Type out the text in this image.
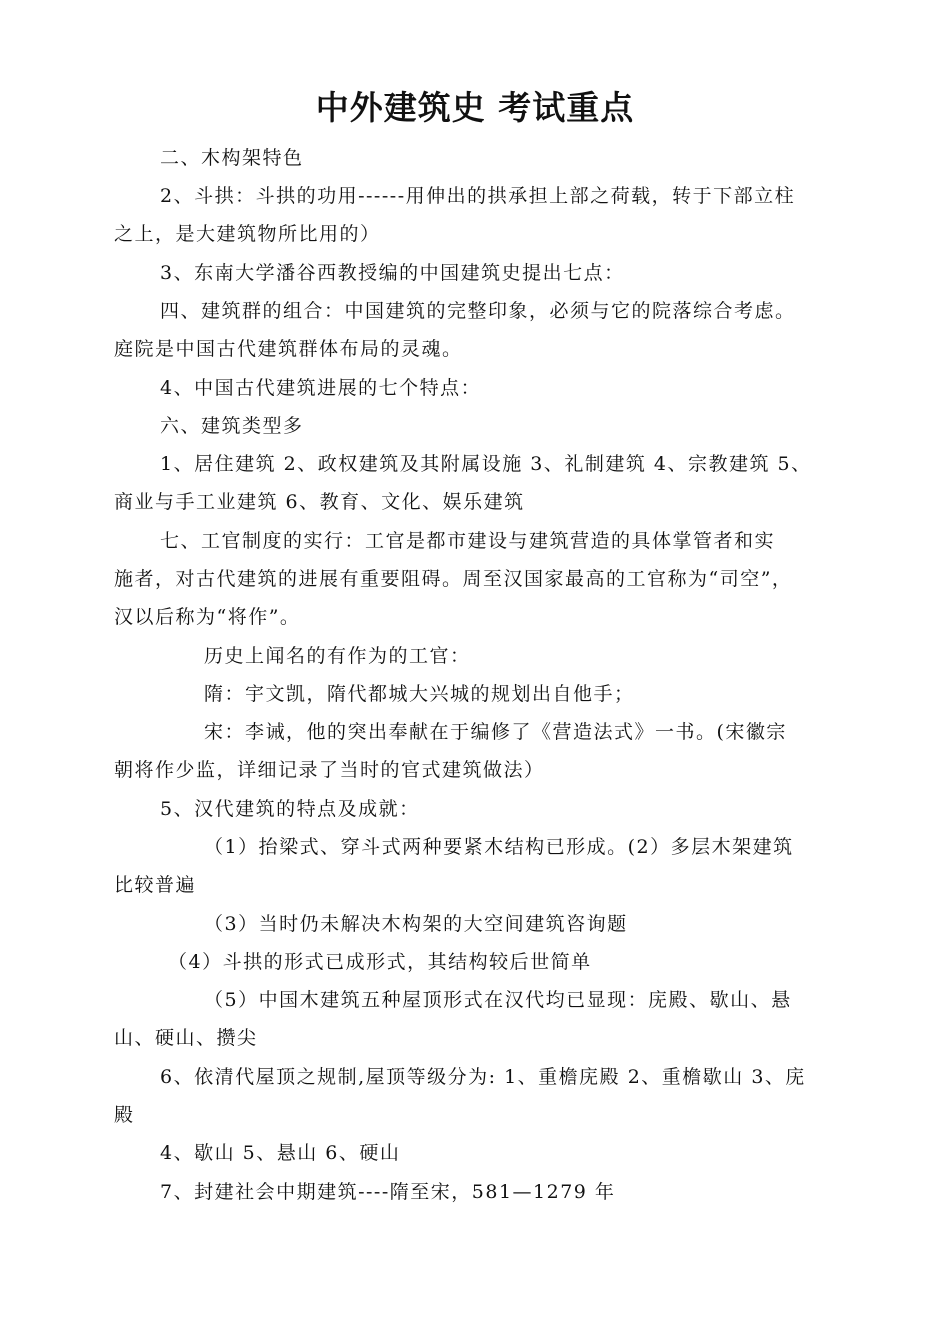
中外建筑史 考试重点
二、木构架特色
2、斗拱：斗拱的功用------用伸出的拱承担上部之荷载，转于下部立柱
之上，是大建筑物所比用的）
3、东南大学潘谷西教授编的中国建筑史提出七点：
四、建筑群的组合：中国建筑的完整印象，必须与它的院落综合考虑。
庭院是中国古代建筑群体布局的灵魂。
4、中国古代建筑进展的七个特点：
六、建筑类型多
1、居住建筑 2、政权建筑及其附属设施 3、礼制建筑 4、宗教建筑 5、
商业与手工业建筑 6、教育、文化、娱乐建筑
七、工官制度的实行：工官是都市建设与建筑营造的具体掌管者和实
施者，对古代建筑的进展有重要阻碍。周至汉国家最高的工官称为“司空”，
汉以后称为“将作”。
历史上闻名的有作为的工官：
隋：宇文凯，隋代都城大兴城的规划出自他手；
宋：李诫，他的突出奉献在于编修了《营造法式》一书。(宋徽宗
朝将作少监，详细记录了当时的官式建筑做法）
5、汉代建筑的特点及成就：
（1）抬梁式、穿斗式两种要紧木结构已形成。(2）多层木架建筑
比较普遍
（3）当时仍未解决木构架的大空间建筑咨询题
（4）斗拱的形式已成形式，其结构较后世简单
（5）中国木建筑五种屋顶形式在汉代均已显现：庑殿、歇山、悬
山、硬山、攒尖
6、依清代屋顶之规制,屋顶等级分为: 1、重檐庑殿 2、重檐歇山 3、庑
殿
4、歇山 5、悬山 6、硬山
7、封建社会中期建筑----隋至宋，581—1279 年
